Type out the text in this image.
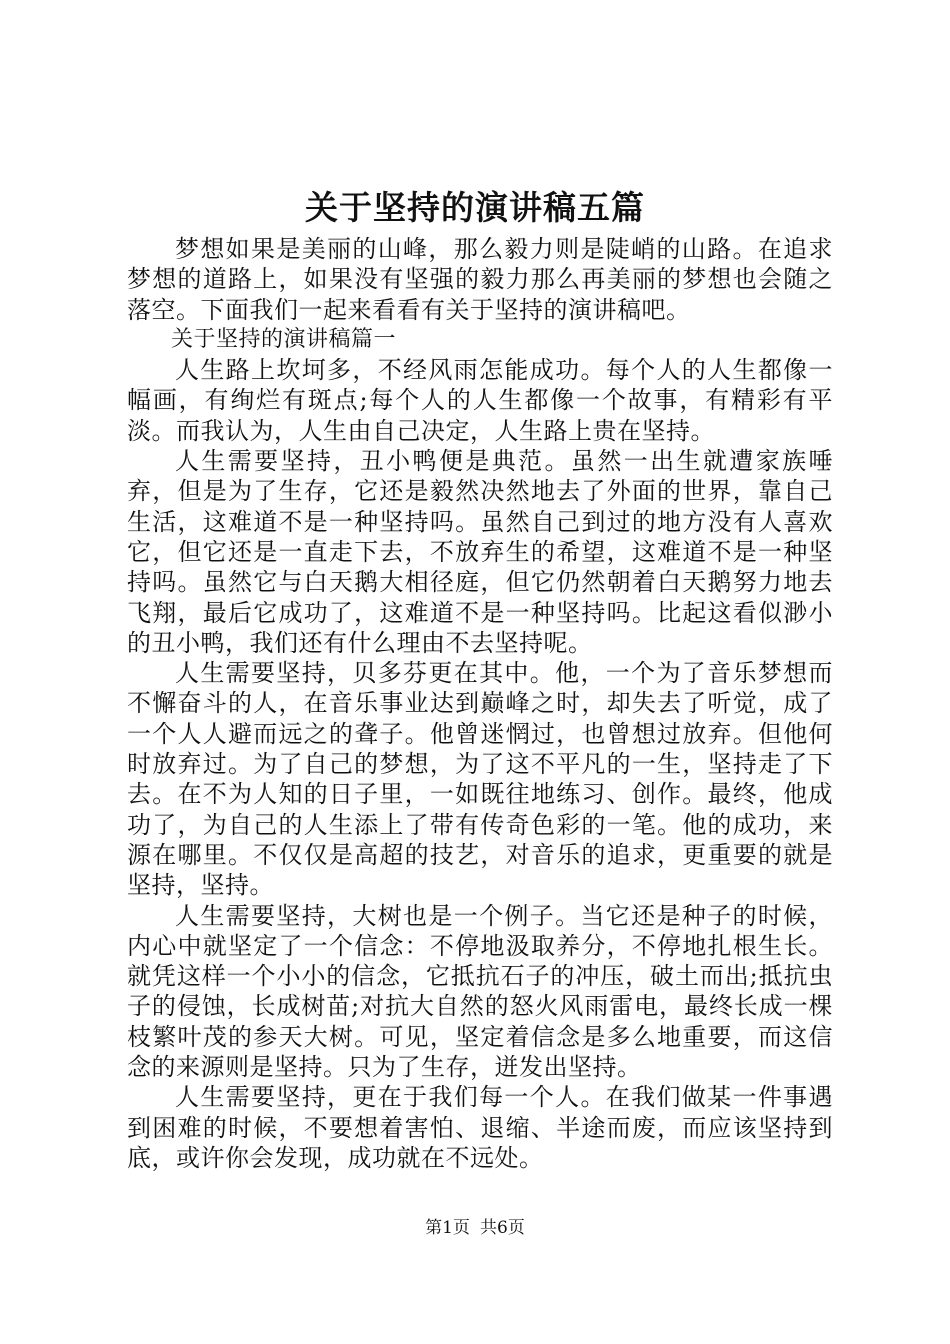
关于坚持的演讲稿五篇

梦想如果是美丽的山峰，那么毅力则是陡峭的山路。在追求梦想的道路上，如果没有坚强的毅力那么再美丽的梦想也会随之落空。下面我们一起来看看有关于坚持的演讲稿吧。

关于坚持的演讲稿篇一

人生路上坎坷多，不经风雨怎能成功。每个人的人生都像一幅画，有绚烂有斑点;每个人的人生都像一个故事，有精彩有平淡。而我认为，人生由自己决定，人生路上贵在坚持。

人生需要坚持，丑小鸭便是典范。虽然一出生就遭家族唾弃，但是为了生存，它还是毅然决然地去了外面的世界，靠自己生活，这难道不是一种坚持吗。虽然自己到过的地方没有人喜欢它，但它还是一直走下去，不放弃生的希望，这难道不是一种坚持吗。虽然它与白天鹅大相径庭，但它仍然朝着白天鹅努力地去飞翔，最后它成功了，这难道不是一种坚持吗。比起这看似渺小的丑小鸭，我们还有什么理由不去坚持呢。

人生需要坚持，贝多芬更在其中。他，一个为了音乐梦想而不懈奋斗的人，在音乐事业达到巅峰之时，却失去了听觉，成了一个人人避而远之的聋子。他曾迷惘过，也曾想过放弃。但他何时放弃过。为了自己的梦想，为了这不平凡的一生，坚持走了下去。在不为人知的日子里，一如既往地练习、创作。最终，他成功了，为自己的人生添上了带有传奇色彩的一笔。他的成功，来源在哪里。不仅仅是高超的技艺，对音乐的追求，更重要的就是坚持，坚持。

人生需要坚持，大树也是一个例子。当它还是种子的时候，内心中就坚定了一个信念：不停地汲取养分，不停地扎根生长。就凭这样一个小小的信念，它抵抗石子的冲压，破土而出;抵抗虫子的侵蚀，长成树苗;对抗大自然的怒火风雨雷电，最终长成一棵枝繁叶茂的参天大树。可见，坚定着信念是多么地重要，而这信念的来源则是坚持。只为了生存，迸发出坚持。

人生需要坚持，更在于我们每一个人。在我们做某一件事遇到困难的时候，不要想着害怕、退缩、半途而废，而应该坚持到底，或许你会发现，成功就在不远处。

第1页 共6页
